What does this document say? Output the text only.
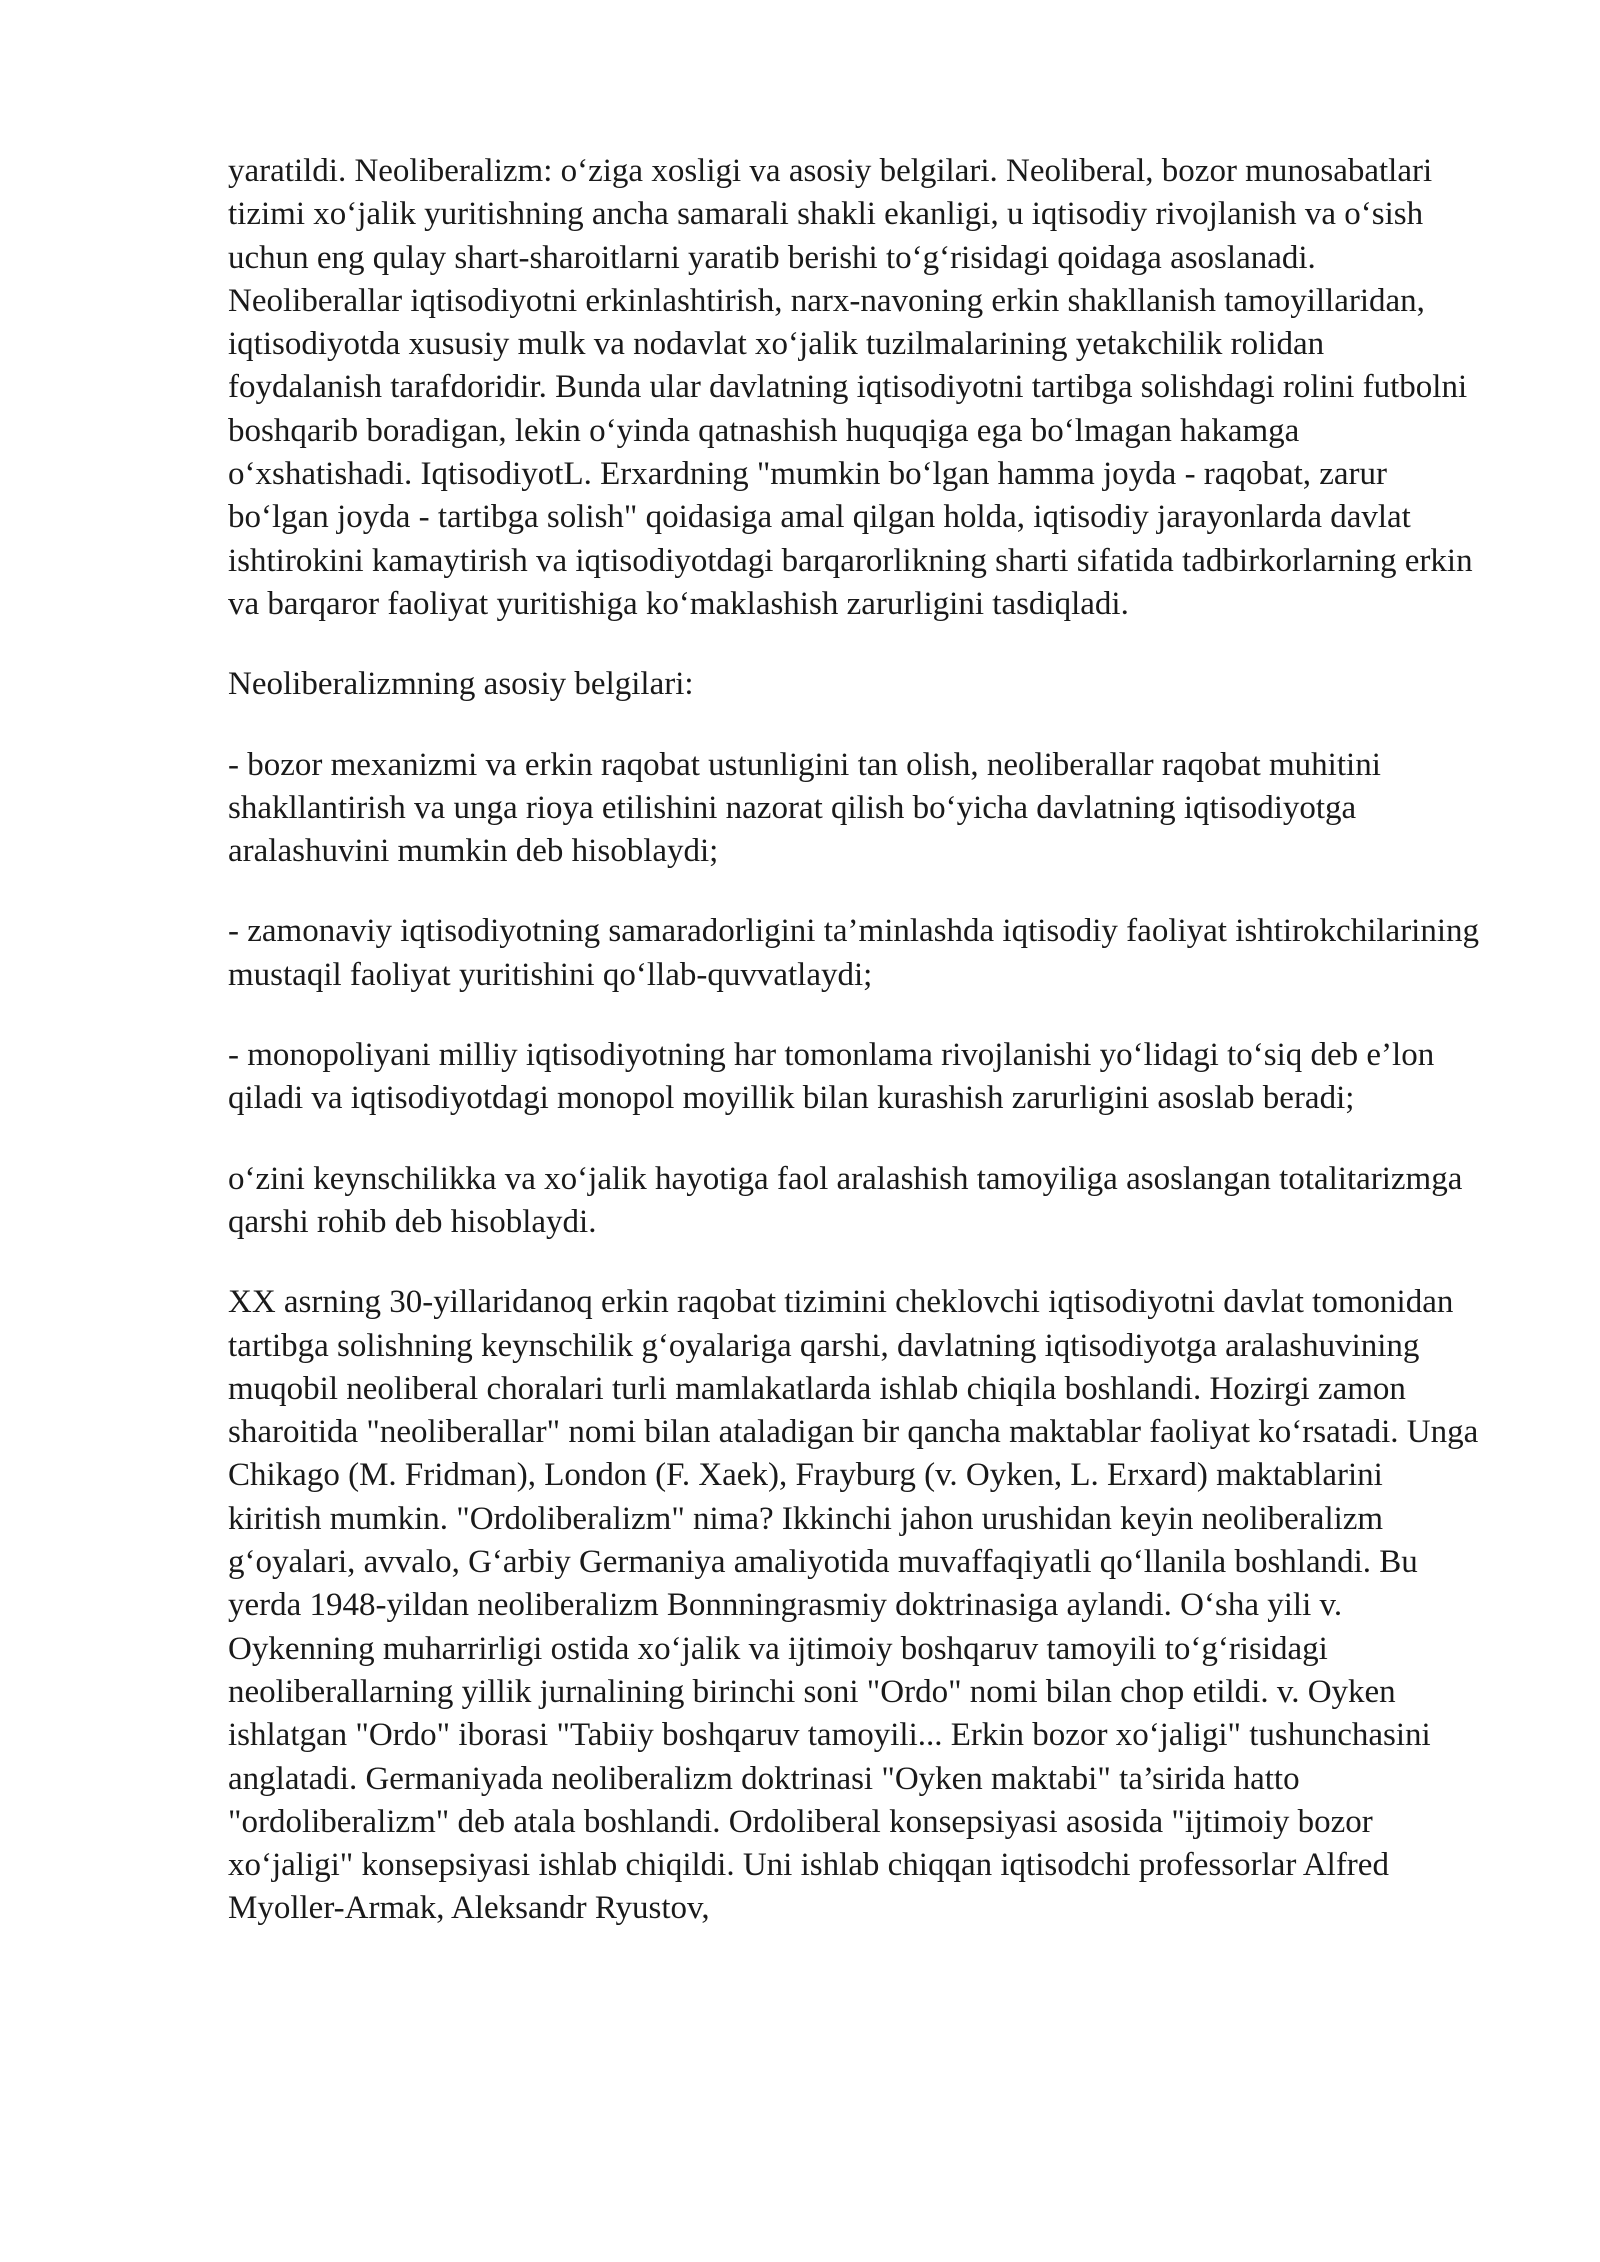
yaratildi. Neoliberalizm: o‘ziga xosligi va asosiy belgilari. Neoliberal, bozor munosabatlari tizimi xo‘jalik yuritishning ancha samarali shakli ekanligi, u iqtisodiy rivojlanish va o‘sish uchun eng qulay shart-sharoitlarni yaratib berishi to‘g‘risidagi qoidaga asoslanadi. Neoliberallar iqtisodiyotni erkinlashtirish, narx-navoning erkin shakllanish tamoyillaridan, iqtisodiyotda xususiy mulk va nodavlat xo‘jalik tuzilmalarining yetakchilik rolidan foydalanish tarafdoridir. Bunda ular davlatning iqtisodiyotni tartibga solishdagi rolini futbolni boshqarib boradigan, lekin o‘yinda qatnashish huquqiga ega bo‘lmagan hakamga o‘xshatishadi. IqtisodiyotL. Erxardning "mumkin bo‘lgan hamma joyda - raqobat, zarur bo‘lgan joyda - tartibga solish" qoidasiga amal qilgan holda, iqtisodiy jarayonlarda davlat ishtirokini kamaytirish va iqtisodiyotdagi barqarorlikning sharti sifatida tadbirkorlarning erkin va barqaror faoliyat yuritishiga ko‘maklashish zarurligini tasdiqladi.

Neoliberalizmning asosiy belgilari:

- bozor mexanizmi va erkin raqobat ustunligini tan olish, neoliberallar raqobat muhitini shakllantirish va unga rioya etilishini nazorat qilish bo‘yicha davlatning iqtisodiyotga aralashuvini mumkin deb hisoblaydi;

- zamonaviy iqtisodiyotning samaradorligini ta’minlashda iqtisodiy faoliyat ishtirokchilarining mustaqil faoliyat yuritishini qo‘llab-quvvatlaydi;

- monopoliyani milliy iqtisodiyotning har tomonlama rivojlanishi yo‘lidagi to‘siq deb e’lon qiladi va iqtisodiyotdagi monopol moyillik bilan kurashish zarurligini asoslab beradi;

o‘zini keynschilikka va xo‘jalik hayotiga faol aralashish tamoyiliga asoslangan totalitarizmga qarshi rohib deb hisoblaydi.

XX asrning 30-yillaridanoq erkin raqobat tizimini cheklovchi iqtisodiyotni davlat tomonidan tartibga solishning keynschilik g‘oyalariga qarshi, davlatning iqtisodiyotga aralashuvining muqobil neoliberal choralari turli mamlakatlarda ishlab chiqila boshlandi. Hozirgi zamon sharoitida "neoliberallar" nomi bilan ataladigan bir qancha maktablar faoliyat ko‘rsatadi. Unga Chikago (M. Fridman), London (F. Xaek), Frayburg (v. Oyken, L. Erxard) maktablarini kiritish mumkin. "Ordoliberalizm" nima? Ikkinchi jahon urushidan keyin neoliberalizm g‘oyalari, avvalo, G‘arbiy Germaniya amaliyotida muvaffaqiyatli qo‘llanila boshlandi. Bu yerda 1948-yildan neoliberalizm Bonnningrasmiy doktrinasiga aylandi. O‘sha yili v. Oykenning muharrirligi ostida xo‘jalik va ijtimoiy boshqaruv tamoyili to‘g‘risidagi neoliberallarning yillik jurnalining birinchi soni "Ordo" nomi bilan chop etildi. v. Oyken ishlatgan "Ordo" iborasi "Tabiiy boshqaruv tamoyili... Erkin bozor xo‘jaligi" tushunchasini anglatadi. Germaniyada neoliberalizm doktrinasi "Oyken maktabi" ta’sirida hatto "ordoliberalizm" deb atala boshlandi. Ordoliberal konsepsiyasi asosida "ijtimoiy bozor xo‘jaligi" konsepsiyasi ishlab chiqildi. Uni ishlab chiqqan iqtisodchi professorlar Alfred Myoller-Armak, Aleksandr Ryustov,
